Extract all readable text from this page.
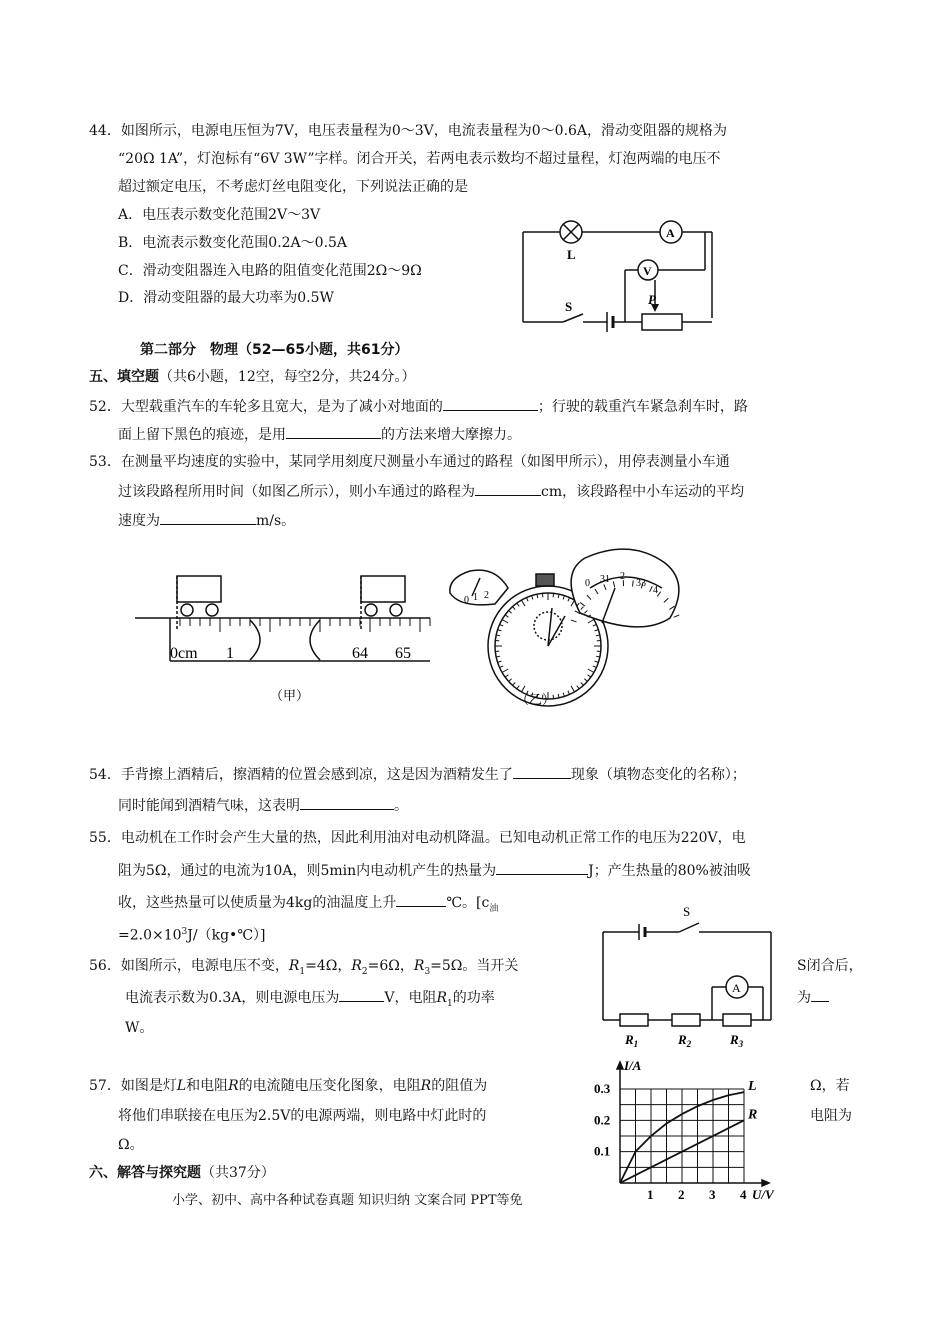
44．如图所示，电源电压恒为7V，电压表量程为0～3V，电流表量程为0～0.6A，滑动变阻器的规格为
“20Ω 1A”，灯泡标有“6V 3W”字样。闭合开关，若两电表示数均不超过量程，灯泡两端的电压不
超过额定电压，不考虑灯丝电阻变化，下列说法正确的是
A．电压表示数变化范围2V～3V
B．电流表示数变化范围0.2A～0.5A
C．滑动变阻器连入电路的阻值变化范围2Ω～9Ω
D．滑动变阻器的最大功率为0.5W
L
A
V
S	P
第二部分　物理（52—65小题，共61分）
五、填空题（共6小题，12空，每空2分，共24分。）
52．大型载重汽车的车轮多且宽大，是为了减小对地面的	；行驶的载重汽车紧急刹车时，路
面上留下黑色的痕迹，是用	的方法来增大摩擦力。
53．在测量平均速度的实验中，某同学用刻度尺测量小车通过的路程（如图甲所示），用停表测量小车通
过该段路程所用时间（如图乙所示），则小车通过的路程为	cm，该段路程中小车运动的平均
速度为	m/s。
0cm 1	64 65
（甲）
0 1 2
0 31 2
33
4
（乙）
54．手背擦上酒精后，擦酒精的位置会感到凉，这是因为酒精发生了	现象（填物态变化的名称）；
同时能闻到酒精气味，这表明	。
55．电动机在工作时会产生大量的热，因此利用油对电动机降温。已知电动机正常工作的电压为220V，电
阻为5Ω，通过的电流为10A，则5min内电动机产生的热量为	J；产生热量的80%被油吸
收，这些热量可以使质量为4kg的油温度上升	℃。[$c_油$
$=2.0\times 10^3J/(kg•℃)$]
56．如图所示，电源电压不变，$R_1=4\Omega$，$R_2=6\Omega$，$R_3=5\Omega$。当开关	S闭合后，
电流表示数为0.3A，则电源电压为	V，电阻$R_1$的功率	为
W。
S
A
$R_1$	$R_2$	$R_3$
57．如图是灯L和电阻R的电流随电压变化图象，电阻R的阻值为	Ω，若
将他们串联接在电压为2.5V的电源两端，则电路中灯此时的	电阻为
Ω。
1 2 3 4
0.1
0.2
0.3
I/A
U/V
L
R
六、解答与探究题（共37分）
小学、初中、高中各种试卷真题 知识归纳 文案合同 PPT等免
